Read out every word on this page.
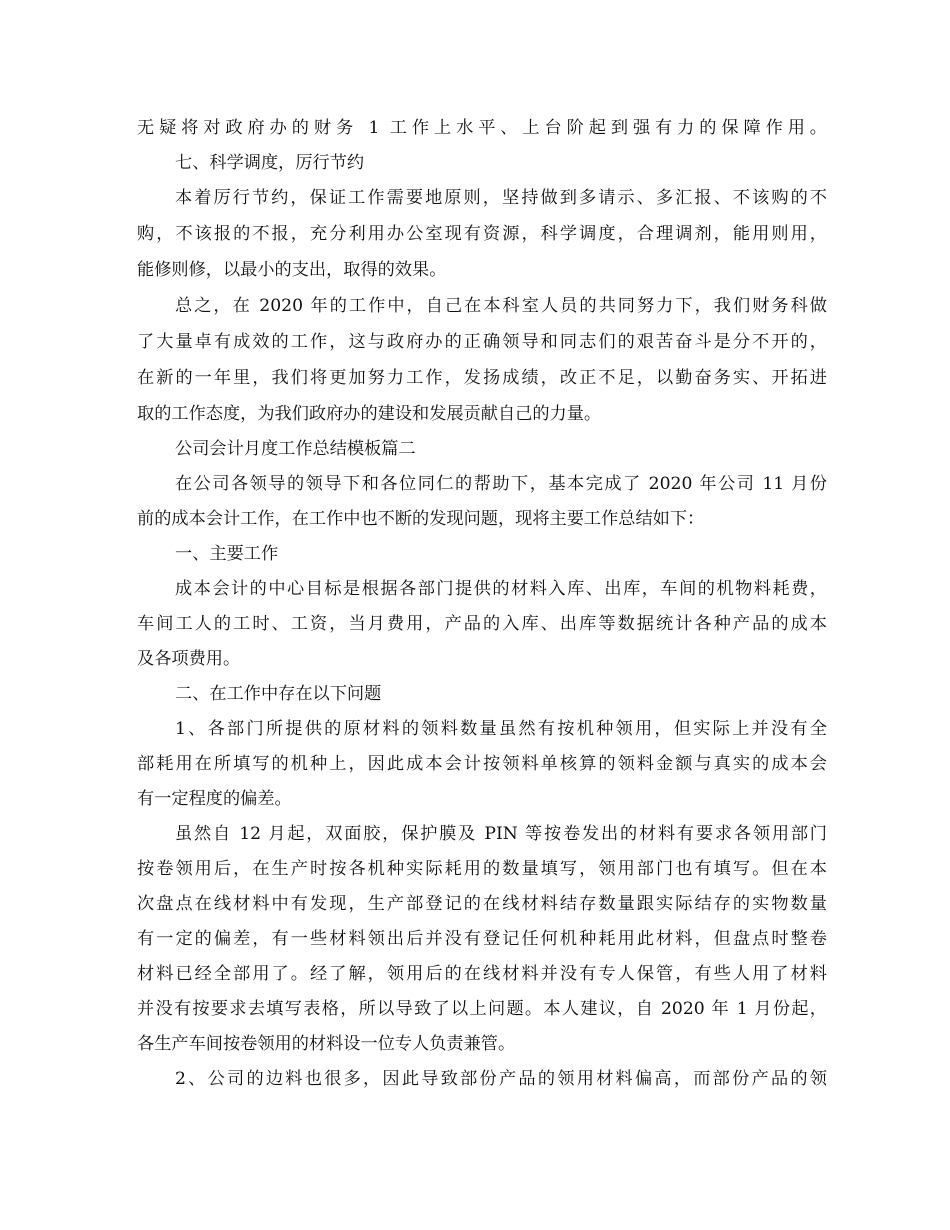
无疑将对政府办的财务 1 工作上水平、上台阶起到强有力的保障作用。
七、科学调度，厉行节约
本着厉行节约，保证工作需要地原则，坚持做到多请示、多汇报、不该购的不
购，不该报的不报，充分利用办公室现有资源，科学调度，合理调剂，能用则用，
能修则修，以最小的支出，取得的效果。
总之，在 2020 年的工作中，自己在本科室人员的共同努力下，我们财务科做
了大量卓有成效的工作，这与政府办的正确领导和同志们的艰苦奋斗是分不开的，
在新的一年里，我们将更加努力工作，发扬成绩，改正不足，以勤奋务实、开拓进
取的工作态度，为我们政府办的建设和发展贡献自己的力量。
公司会计月度工作总结模板篇二
在公司各领导的领导下和各位同仁的帮助下，基本完成了 2020 年公司 11 月份
前的成本会计工作，在工作中也不断的发现问题，现将主要工作总结如下：
一、主要工作
成本会计的中心目标是根据各部门提供的材料入库、出库，车间的机物料耗费，
车间工人的工时、工资，当月费用，产品的入库、出库等数据统计各种产品的成本
及各项费用。
二、在工作中存在以下问题
1、各部门所提供的原材料的领料数量虽然有按机种领用，但实际上并没有全
部耗用在所填写的机种上，因此成本会计按领料单核算的领料金额与真实的成本会
有一定程度的偏差。
虽然自 12 月起，双面胶，保护膜及 PIN 等按卷发出的材料有要求各领用部门
按卷领用后，在生产时按各机种实际耗用的数量填写，领用部门也有填写。但在本
次盘点在线材料中有发现，生产部登记的在线材料结存数量跟实际结存的实物数量
有一定的偏差，有一些材料领出后并没有登记任何机种耗用此材料，但盘点时整卷
材料已经全部用了。经了解，领用后的在线材料并没有专人保管，有些人用了材料
并没有按要求去填写表格，所以导致了以上问题。本人建议，自 2020 年 1 月份起，
各生产车间按卷领用的材料设一位专人负责兼管。
2、公司的边料也很多，因此导致部份产品的领用材料偏高，而部份产品的领
